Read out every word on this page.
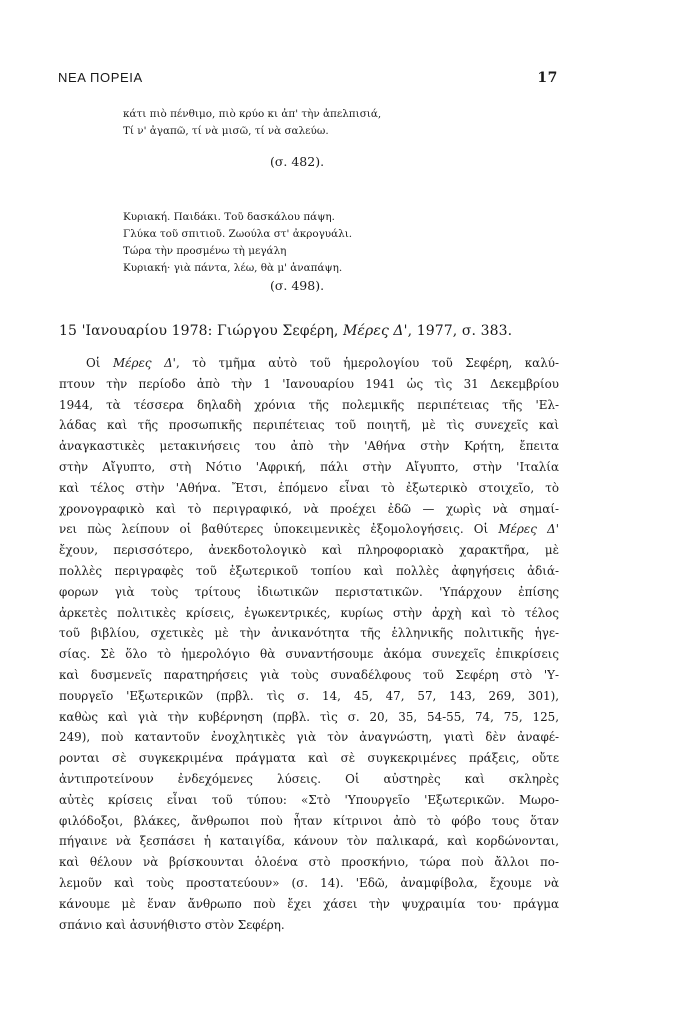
ΝΕΑ ΠΟΡΕΙΑ	17
κάτι πιὸ πένθιμο, πιὸ κρύο κι ἀπ' τὴν ἀπελπισιά,
Τί ν' ἀγαπῶ, τί νὰ μισῶ, τί νὰ σαλεύω.
(σ. 482).
Κυριακή. Παιδάκι. Τοῦ δασκάλου πάψη.
Γλύκα τοῦ σπιτιοῦ. Ζωούλα στ' ἀκρογυάλι.
Τώρα τὴν προσμένω τὴ μεγάλη
Κυριακή· γιὰ πάντα, λέω, θὰ μ' ἀναπάψη.
(σ. 498).
15 'Ιανουαρίου 1978: Γιώργου Σεφέρη, Μέρες Δ', 1977, σ. 383.
Οἱ Μέρες Δ', τὸ τμῆμα αὐτὸ τοῦ ἡμερολογίου τοῦ Σεφέρη, καλύ-
πτουν τὴν περίοδο ἀπὸ τὴν 1 'Ιανουαρίου 1941 ὡς τὶς 31 Δεκεμβρίου
1944, τὰ τέσσερα δηλαδὴ χρόνια τῆς πολεμικῆς περιπέτειας τῆς 'Ελ-
λάδας καὶ τῆς προσωπικῆς περιπέτειας τοῦ ποιητῆ, μὲ τὶς συνεχεῖς καὶ
ἀναγκαστικὲς μετακινήσεις του ἀπὸ τὴν 'Αθήνα στὴν Κρήτη, ἔπειτα
στὴν Αἴγυπτο, στὴ Νότιο 'Αφρική, πάλι στὴν Αἴγυπτο, στὴν 'Ιταλία
καὶ τέλος στὴν 'Αθήνα. Ἔτσι, ἑπόμενο εἶναι τὸ ἐξωτερικὸ στοιχεῖο, τὸ
χρονογραφικὸ καὶ τὸ περιγραφικό, νὰ προέχει ἐδῶ — χωρὶς νὰ σημαί-
νει πὼς λείπουν οἱ βαθύτερες ὑποκειμενικὲς ἐξομολογήσεις. Οἱ Μέρες Δ'
ἔχουν, περισσότερο, ἀνεκδοτολογικὸ καὶ πληροφοριακὸ χαρακτῆρα, μὲ
πολλὲς περιγραφὲς τοῦ ἐξωτερικοῦ τοπίου καὶ πολλὲς ἀφηγήσεις ἀδιά-
φορων γιὰ τοὺς τρίτους ἰδιωτικῶν περιστατικῶν. 'Υπάρχουν ἐπίσης
ἀρκετὲς πολιτικὲς κρίσεις, ἐγωκεντρικές, κυρίως στὴν ἀρχὴ καὶ τὸ τέλος
τοῦ βιβλίου, σχετικὲς μὲ τὴν ἀνικανότητα τῆς ἑλληνικῆς πολιτικῆς ἡγε-
σίας. Σὲ ὅλο τὸ ἡμερολόγιο θὰ συναντήσουμε ἀκόμα συνεχεῖς ἐπικρίσεις
καὶ δυσμενεῖς παρατηρήσεις γιὰ τοὺς συναδέλφους τοῦ Σεφέρη στὸ 'Υ-
πουργεῖο 'Εξωτερικῶν (πρβλ. τὶς σ. 14, 45, 47, 57, 143, 269, 301),
καθὼς καὶ γιὰ τὴν κυβέρνηση (πρβλ. τὶς σ. 20, 35, 54-55, 74, 75, 125,
249), ποὺ καταντοῦν ἐνοχλητικὲς γιὰ τὸν ἀναγνώστη, γιατὶ δὲν ἀναφέ-
ρονται σὲ συγκεκριμένα πράγματα καὶ σὲ συγκεκριμένες πράξεις, οὔτε
ἀντιπροτείνουν ἐνδεχόμενες λύσεις. Οἱ αὐστηρὲς καὶ σκληρὲς
αὐτὲς κρίσεις εἶναι τοῦ τύπου: «Στὸ 'Υπουργεῖο 'Εξωτερικῶν. Μωρο-
φιλόδοξοι, βλάκες, ἄνθρωποι ποὺ ἦταν κίτρινοι ἀπὸ τὸ φόβο τους ὅταν
πήγαινε νὰ ξεσπάσει ἡ καταιγίδα, κάνουν τὸν παλικαρά, καὶ κορδώνονται,
καὶ θέλουν νὰ βρίσκουνται ὁλοένα στὸ προσκήνιο, τώρα ποὺ ἄλλοι πο-
λεμοῦν καὶ τοὺς προστατεύουν» (σ. 14). 'Εδῶ, ἀναμφίβολα, ἔχουμε νὰ
κάνουμε μὲ ἕναν ἄνθρωπο ποὺ ἔχει χάσει τὴν ψυχραιμία του· πράγμα
σπάνιο καὶ ἀσυνήθιστο στὸν Σεφέρη.
